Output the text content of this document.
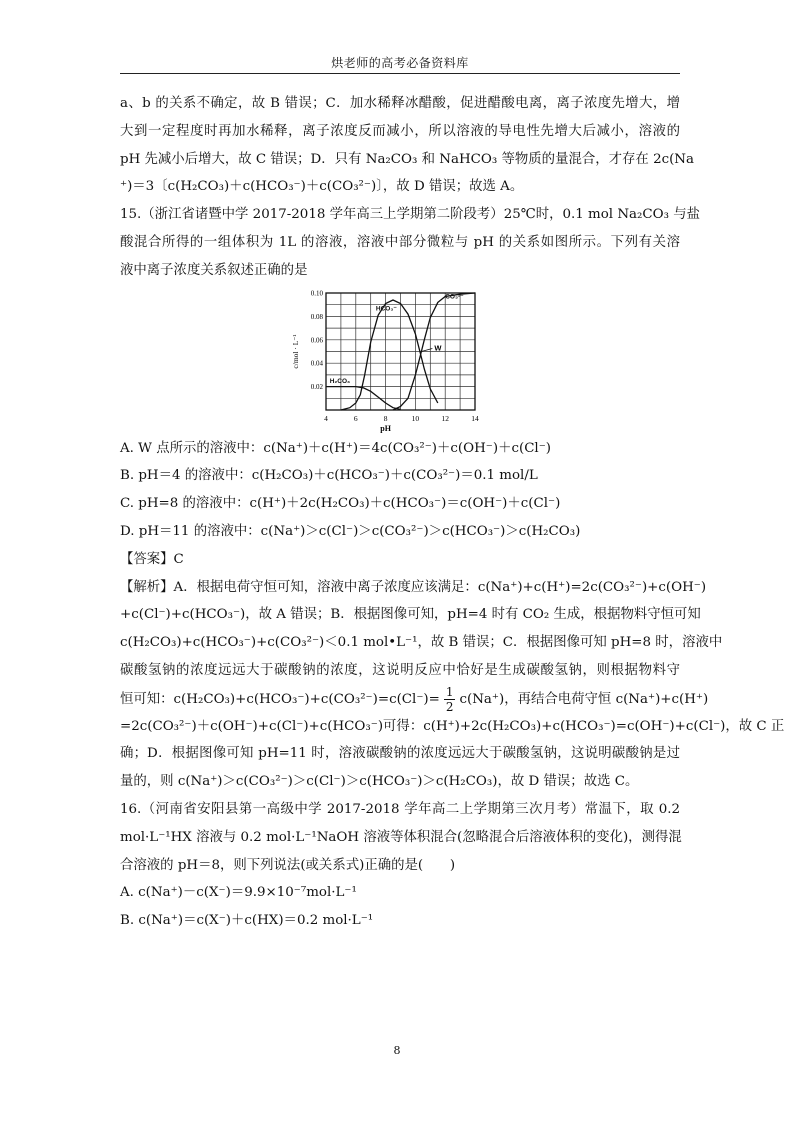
烘老师的高考必备资料库
a、b 的关系不确定，故 B 错误；C．加水稀释冰醋酸，促进醋酸电离，离子浓度先增大，增
大到一定程度时再加水稀释，离子浓度反而减小，所以溶液的导电性先增大后减小，溶液的
pH 先减小后增大，故 C 错误；D．只有 Na₂CO₃ 和 NaHCO₃ 等物质的量混合，才存在 2c(Na
⁺)＝3〔c(H₂CO₃)＋c(HCO₃⁻)＋c(CO₃²⁻)〕，故 D 错误；故选 A。
15.（浙江省诸暨中学 2017-2018 学年高三上学期第二阶段考）25℃时，0.1 mol Na₂CO₃ 与盐
酸混合所得的一组体积为 1L 的溶液，溶液中部分微粒与 pH 的关系如图所示。下列有关溶
液中离子浓度关系叙述正确的是
4	6	8	10	12	14
0.10
0.08
0.06
0.04
0.02
pH
c/mol · L⁻¹
H₂CO₃
HCO₃⁻
CO₃²⁻
W
A. W 点所示的溶液中：c(Na⁺)＋c(H⁺)＝4c(CO₃²⁻)＋c(OH⁻)＋c(Cl⁻)
B. pH＝4 的溶液中：c(H₂CO₃)＋c(HCO₃⁻)＋c(CO₃²⁻)＝0.1 mol/L
C. pH=8 的溶液中：c(H⁺)＋2c(H₂CO₃)＋c(HCO₃⁻)＝c(OH⁻)＋c(Cl⁻)
D. pH＝11 的溶液中：c(Na⁺)＞c(Cl⁻)＞c(CO₃²⁻)＞c(HCO₃⁻)＞c(H₂CO₃)
【答案】C
【解析】A．根据电荷守恒可知，溶液中离子浓度应该满足：c(Na⁺)+c(H⁺)=2c(CO₃²⁻)+c(OH⁻)
+c(Cl⁻)+c(HCO₃⁻)，故 A 错误；B．根据图像可知，pH=4 时有 CO₂ 生成，根据物料守恒可知
c(H₂CO₃)+c(HCO₃⁻)+c(CO₃²⁻)＜0.1 mol•L⁻¹，故 B 错误；C．根据图像可知 pH=8 时，溶液中
碳酸氢钠的浓度远远大于碳酸钠的浓度，这说明反应中恰好是生成碳酸氢钠，则根据物料守
恒可知：$c(H_2CO_3)+c(HCO_3^-)+c(CO_3^{2-})=c(Cl^-)= \frac{1}{2} c(Na^+)$，再结合电荷守恒 c(Na⁺)+c(H⁺)
=2c(CO₃²⁻)＋c(OH⁻)+c(Cl⁻)+c(HCO₃⁻)可得：c(H⁺)+2c(H₂CO₃)+c(HCO₃⁻)=c(OH⁻)+c(Cl⁻)，故 C 正
确；D．根据图像可知 pH=11 时，溶液碳酸钠的浓度远远大于碳酸氢钠，这说明碳酸钠是过
量的，则 c(Na⁺)＞c(CO₃²⁻)＞c(Cl⁻)＞c(HCO₃⁻)＞c(H₂CO₃)，故 D 错误；故选 C。
16.（河南省安阳县第一高级中学 2017-2018 学年高二上学期第三次月考）常温下，取 0.2
mol·L⁻¹HX 溶液与 0.2 mol·L⁻¹NaOH 溶液等体积混合(忽略混合后溶液体积的变化)，测得混
合溶液的 pH＝8，则下列说法(或关系式)正确的是(　　)
A. c(Na⁺)－c(X⁻)＝9.9×10⁻⁷mol·L⁻¹
B. c(Na⁺)＝c(X⁻)＋c(HX)＝0.2 mol·L⁻¹
8
